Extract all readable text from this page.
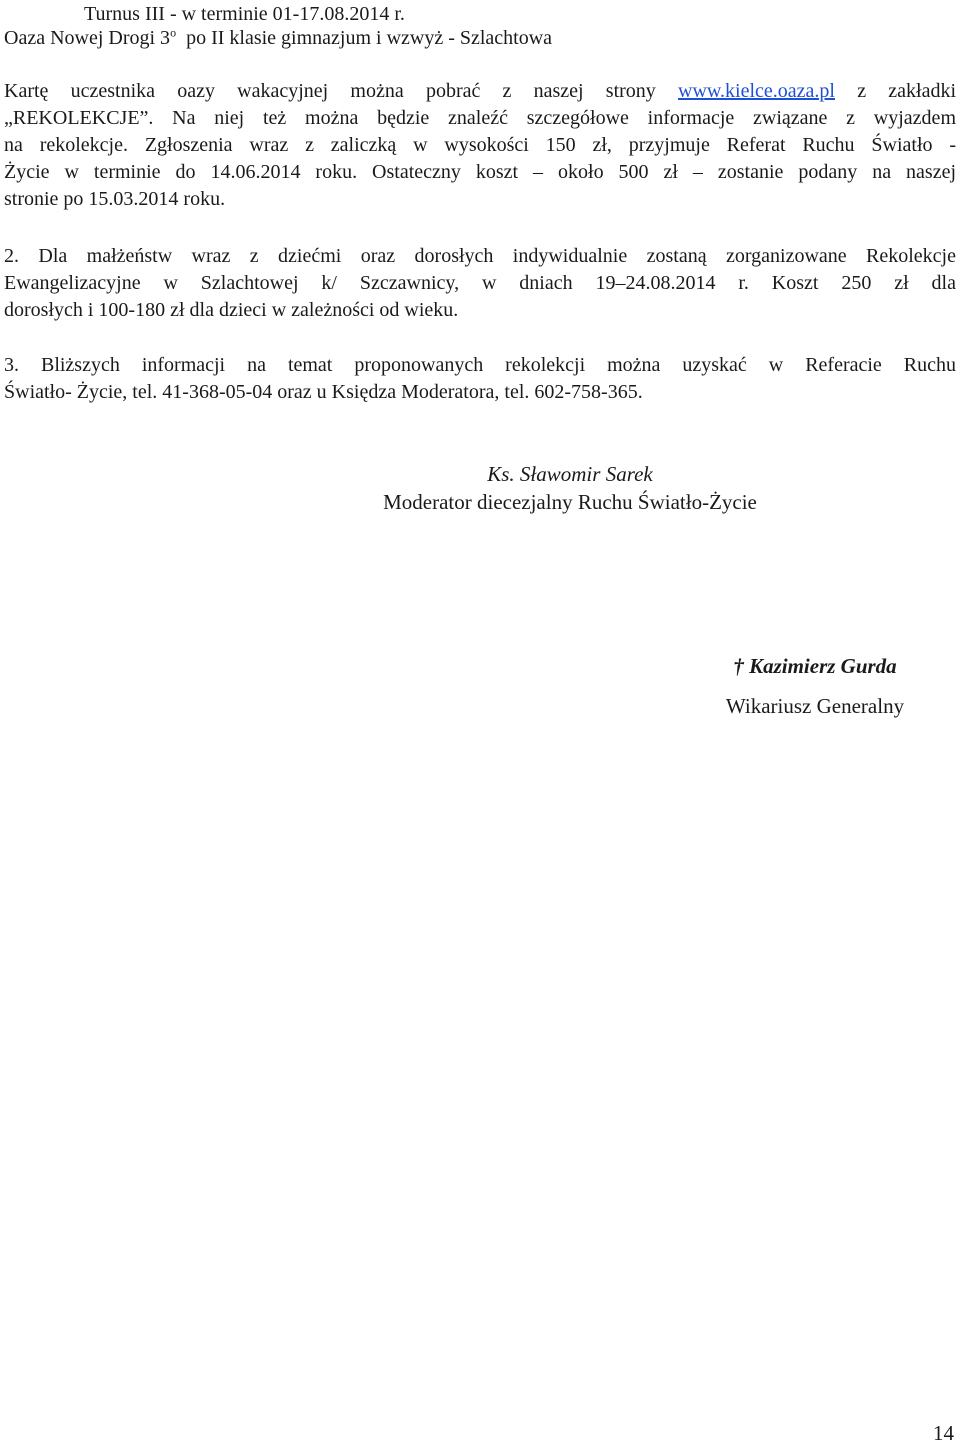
Turnus III - w terminie 01-17.08.2014 r.
Oaza Nowej Drogi 3$^o$  po II klasie gimnazjum i wzwyż - Szlachtowa
Kartę uczestnika oazy wakacyjnej można pobrać z naszej strony www.kielce.oaza.pl z zakładki
„REKOLEKCJE”. Na niej też można będzie znaleźć szczegółowe informacje związane z wyjazdem
na rekolekcje. Zgłoszenia wraz z zaliczką w wysokości 150 zł, przyjmuje Referat Ruchu Światło -
Życie w terminie do 14.06.2014 roku. Ostateczny koszt – około 500 zł – zostanie podany na naszej
stronie po 15.03.2014 roku.
2. Dla małżeństw wraz z dziećmi oraz dorosłych indywidualnie zostaną zorganizowane Rekolekcje
Ewangelizacyjne w Szlachtowej k/ Szczawnicy, w dniach 19–24.08.2014 r. Koszt 250 zł dla
dorosłych i 100-180 zł dla dzieci w zależności od wieku.
3. Bliższych informacji na temat proponowanych rekolekcji można uzyskać w Referacie Ruchu
Światło- Życie, tel. 41-368-05-04 oraz u Księdza Moderatora, tel. 602-758-365.
Ks. Sławomir Sarek
Moderator diecezjalny Ruchu Światło-Życie
† Kazimierz Gurda
Wikariusz Generalny
14
